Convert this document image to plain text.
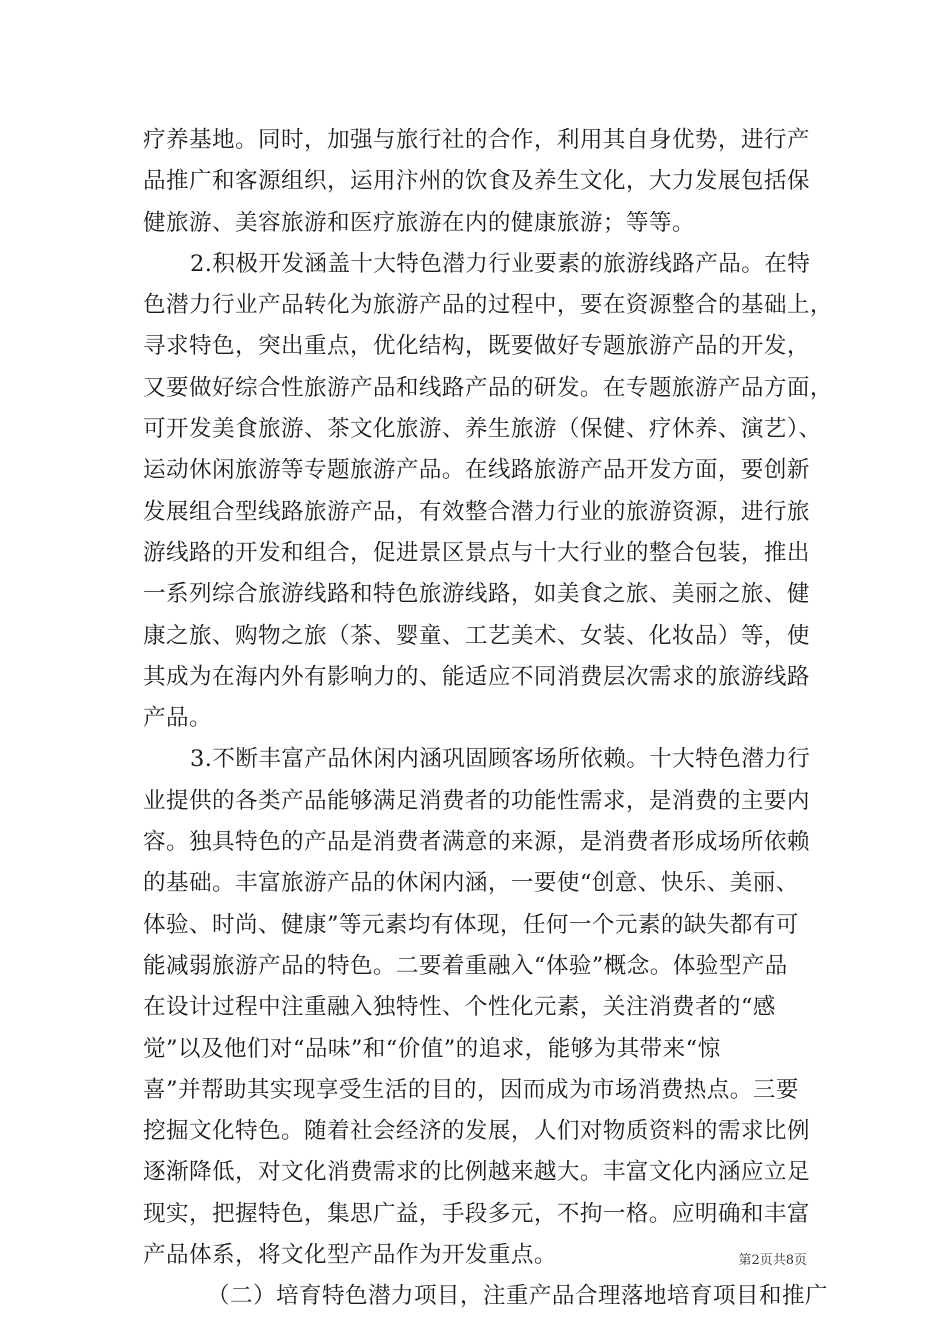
疗养基地。同时，加强与旅行社的合作，利用其自身优势，进行产
品推广和客源组织，运用汴州的饮食及养生文化，大力发展包括保
健旅游、美容旅游和医疗旅游在内的健康旅游；等等。
2.积极开发涵盖十大特色潜力行业要素的旅游线路产品。在特
色潜力行业产品转化为旅游产品的过程中，要在资源整合的基础上，
寻求特色，突出重点，优化结构，既要做好专题旅游产品的开发，
又要做好综合性旅游产品和线路产品的研发。在专题旅游产品方面，
可开发美食旅游、茶文化旅游、养生旅游（保健、疗休养、演艺）、
运动休闲旅游等专题旅游产品。在线路旅游产品开发方面，要创新
发展组合型线路旅游产品，有效整合潜力行业的旅游资源，进行旅
游线路的开发和组合，促进景区景点与十大行业的整合包装，推出
一系列综合旅游线路和特色旅游线路，如美食之旅、美丽之旅、健
康之旅、购物之旅（茶、婴童、工艺美术、女装、化妆品）等，使
其成为在海内外有影响力的、能适应不同消费层次需求的旅游线路
产品。
3.不断丰富产品休闲内涵巩固顾客场所依赖。十大特色潜力行
业提供的各类产品能够满足消费者的功能性需求，是消费的主要内
容。独具特色的产品是消费者满意的来源，是消费者形成场所依赖
的基础。丰富旅游产品的休闲内涵，一要使“创意、快乐、美丽、
体验、时尚、健康”等元素均有体现，任何一个元素的缺失都有可
能减弱旅游产品的特色。二要着重融入“体验”概念。体验型产品
在设计过程中注重融入独特性、个性化元素，关注消费者的“感
觉”以及他们对“品味”和“价值”的追求，能够为其带来“惊
喜”并帮助其实现享受生活的目的，因而成为市场消费热点。三要
挖掘文化特色。随着社会经济的发展，人们对物质资料的需求比例
逐渐降低，对文化消费需求的比例越来越大。丰富文化内涵应立足
现实，把握特色，集思广益，手段多元，不拘一格。应明确和丰富
产品体系，将文化型产品作为开发重点。
（二）培育特色潜力项目，注重产品合理落地培育项目和推广
第2页共8页
